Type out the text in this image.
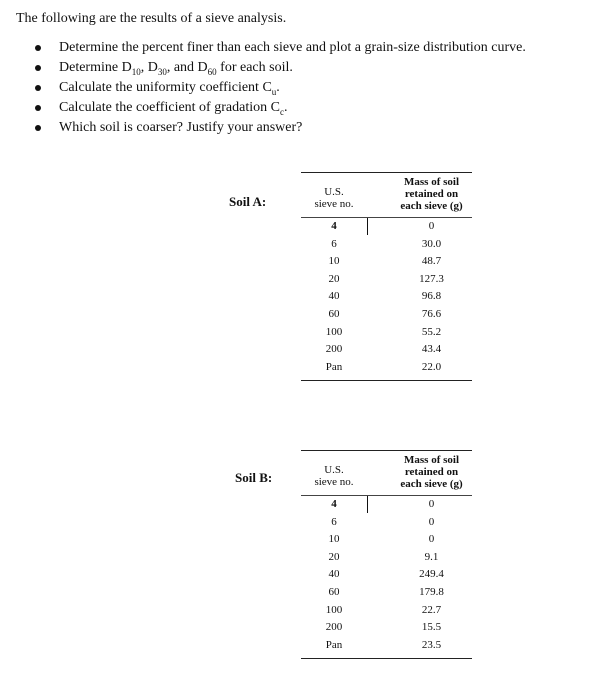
The following are the results of a sieve analysis.
Determine the percent finer than each sieve and plot a grain-size distribution curve.
Determine $D_{10}$, $D_{30}$, and $D_{60}$ for each soil.
Calculate the uniformity coefficient $C_u$.
Calculate the coefficient of gradation $C_c$.
Which soil is coarser? Justify your answer?
Soil A:
U.S.
sieve no.
Mass of soil
retained on
each sieve (g)
4	0
6	30.0
10	48.7
20	127.3
40	96.8
60	76.6
100	55.2
200	43.4
Pan	22.0
Soil B:	U.S.
sieve no.
Mass of soil
retained on
each sieve (g)
4	0
6	0
10	0
20	9.1
40	249.4
60	179.8
100	22.7
200	15.5
Pan	23.5
